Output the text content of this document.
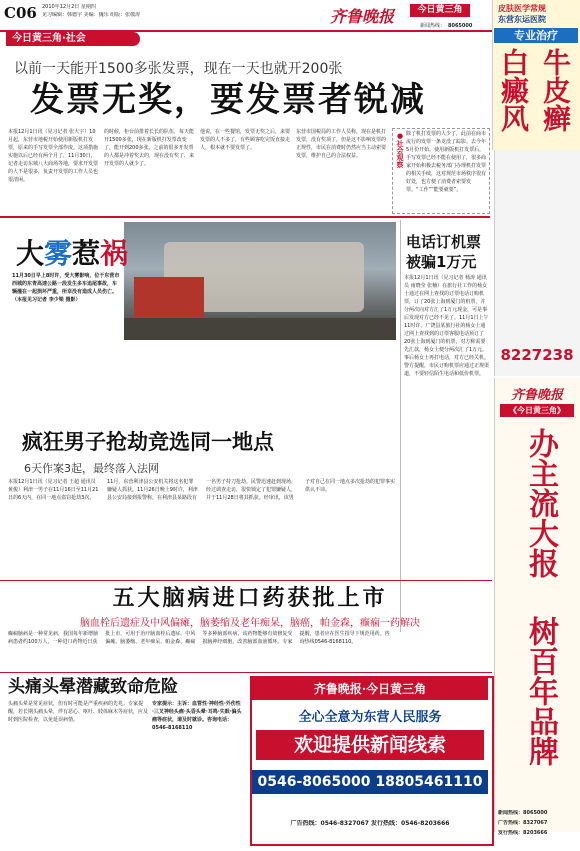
C06 2010年12月2日 星期四
见习编辑：韩德宇 美编：魏乐 组版：张敬涛	齐鲁晚报	今日黄三角
新闻热线： 8065000
皮肤医学常规
东营东运医院
专业治疗
白癜风 牛皮癣
今日黄三角·社会
以前一天能开1500多张发票，现在一天也就开200张
发票无奖，要发票者锐减
本报12月1日讯（见习记者 张大宇）10月起，东营市地税开始使用新版机打发票，原来的手写发票全部作废。这项措施实施以后已经有两个月了，11月30日，记者走访东城八大商场等地，要求开发票的人不是很多，负责开发票的工作人员也很清闲。
的时候，柜台前排着长长的队伍，每天能开1500多张，现在新版机打发票改变了，能开到200多张。之前的很多开发票的人都是冲着奖去的，现在没有奖了，来开发票的人就少了。
他说，在一些餐馆，发票无奖之后，来要发票的人不多了，有些顾客吃完饭直接走人，根本就不要发票了。
东营市国税局的工作人员称，现在是机打发票，没有奖项了，但是这不影响发票的正规性，市民在消费时仍然应当主动索要发票，维护自己的合法权益。	●社会观察 除了机打发票的人少了，此前在商市流行的发票一条龙没了踪影。去今年5月份开始，使用新版机打发票后，手写发票已经不能在使用了，很多商家开始积极去税务部门办理机打发票的相关手续，这对规范市场秩序很有好处，也方便了消费者索要发票。“工作”“能要就要”。
大 雾 惹 祸
11月30日早上8时许，受大雾影响，位于东营市西城的东青高速公路一段发生多车追尾事故，车辆撞在一起损坏严重，所幸没有造成人员伤亡。（本报见习记者 李少梁 摄影）
电话订机票被骗1万元
本报12月1日讯（见习记者 杨涛 通讯员 南晓莹 张楠）在旅行社工作的杨女士通过在网上查找的订票电话订购机票，订了20张上海到厦门的机票，并分两次向对方汇了1万元现金，可是事后发现对方已经不见了。11月1日上午11时许，广饶县某旅行社的杨女士通过网上查找到的订票客服电话预订了20张上海到厦门的机票，对方称需要先汇款，杨女士便分两次汇了1万元。事后杨女士再打电话，对方已经关机。警方提醒，市民订购机票应通过正规渠道，不要轻信陌生电话和低价机票。
8227238
疯狂男子抢劫竞选同一地点
6天作案3起，最终落入法网
本报12月1日讯（见习记者 王超 通讯员 黄俊）利津一男子在11月16日至11月21日的6天内，在同一地点盗窃抢劫3次，11月，东营利津县公安机关将这名犯罪嫌疑人抓获。11月26日晚上9时许，利津县公安局接到报警称，在利津县某路段有一名男子持刀抢劫。民警迅速赶到现场，经过调查走访，很快锁定了犯罪嫌疑人，并于11月28日将其抓获。经审讯，该男子对自己在同一地点多次抢劫的犯罪事实供认不讳。
齐鲁晚报
《今日黄三角》
办主流大报
树百年品牌
新闻热线：8065000
广告热线：8327067
发行热线：8203666
五大脑病进口药获批上市
脑血栓后遗症及中风偏瘫，脑萎缩及老年痴呆，脑癌，帕金森，癫痫一药解决
癫痫脑病是一种常见病，我国每年新增脑病患者约100万人，一种进口药物近日获批上市，可用于治疗脑血栓后遗症、中风偏瘫、脑萎缩、老年痴呆、帕金森、癫痫等多种脑部疾病，该药物能够有效修复受损脑神经细胞，改善脑部血液循环。专家提醒，患者应在医生指导下规范用药。咨询热线0546-8168110。
头痛头晕潜藏致命危险
头痛头晕是常见症状，但有时可能是严重疾病的先兆。专家提醒，若长期头痛头晕，伴有恶心、呕吐、肢体麻木等症状，应及时到医院检查，以免延误病情。
专家提示：主诉：血管性·神经性·外伤性·三叉神经头痛·头昏头晕·耳鸣·失眠·偏头痛等症状，请及时就诊。咨询电话：0546-8168110
齐鲁晚报·今日黄三角
全心全意为东营人民服务
欢迎提供新闻线索
0546-8065000 18805461110
广告热线：0546-8327067 发行热线：0546-8203666
